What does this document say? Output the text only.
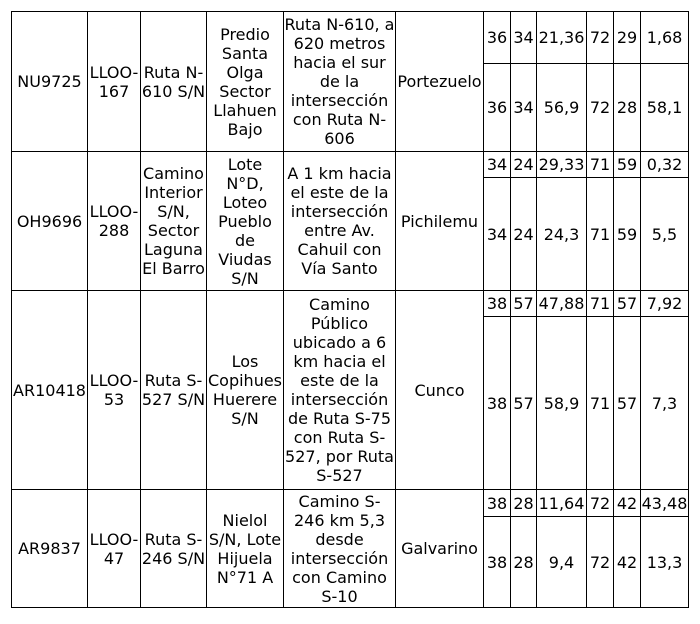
NU9725	LLOO-167	Ruta N-610 S/N	Predio Santa Olga Sector Llahuen Bajo	Ruta N-610, a 620 metros hacia el sur de la intersección con Ruta N-606	Portezuelo	36	34	21,36	72	29	1,68
						36	34	56,9	72	28	58,1
OH9696	LLOO-288	Camino Interior S/N, Sector Laguna El Barro	Lote N°D, Loteo Pueblo de Viudas S/N	A 1 km hacia el este de la intersección entre Av. Cahuil con Vía Santo	Pichilemu	34	24	29,33	71	59	0,32
						34	24	24,3	71	59	5,5
AR10418	LLOO-53	Ruta S-527 S/N	Los Copihues Huerere S/N	Camino Público ubicado a 6 km hacia el este de la intersección de Ruta S-75 con Ruta S-527, por Ruta S-527	Cunco	38	57	47,88	71	57	7,92
						38	57	58,9	71	57	7,3
AR9837	LLOO-47	Ruta S-246 S/N	Nielol S/N, Lote Hijuela N°71 A	Camino S-246 km 5,3 desde intersección con Camino S-10	Galvarino	38	28	11,64	72	42	43,48
						38	28	9,4	72	42	13,3
